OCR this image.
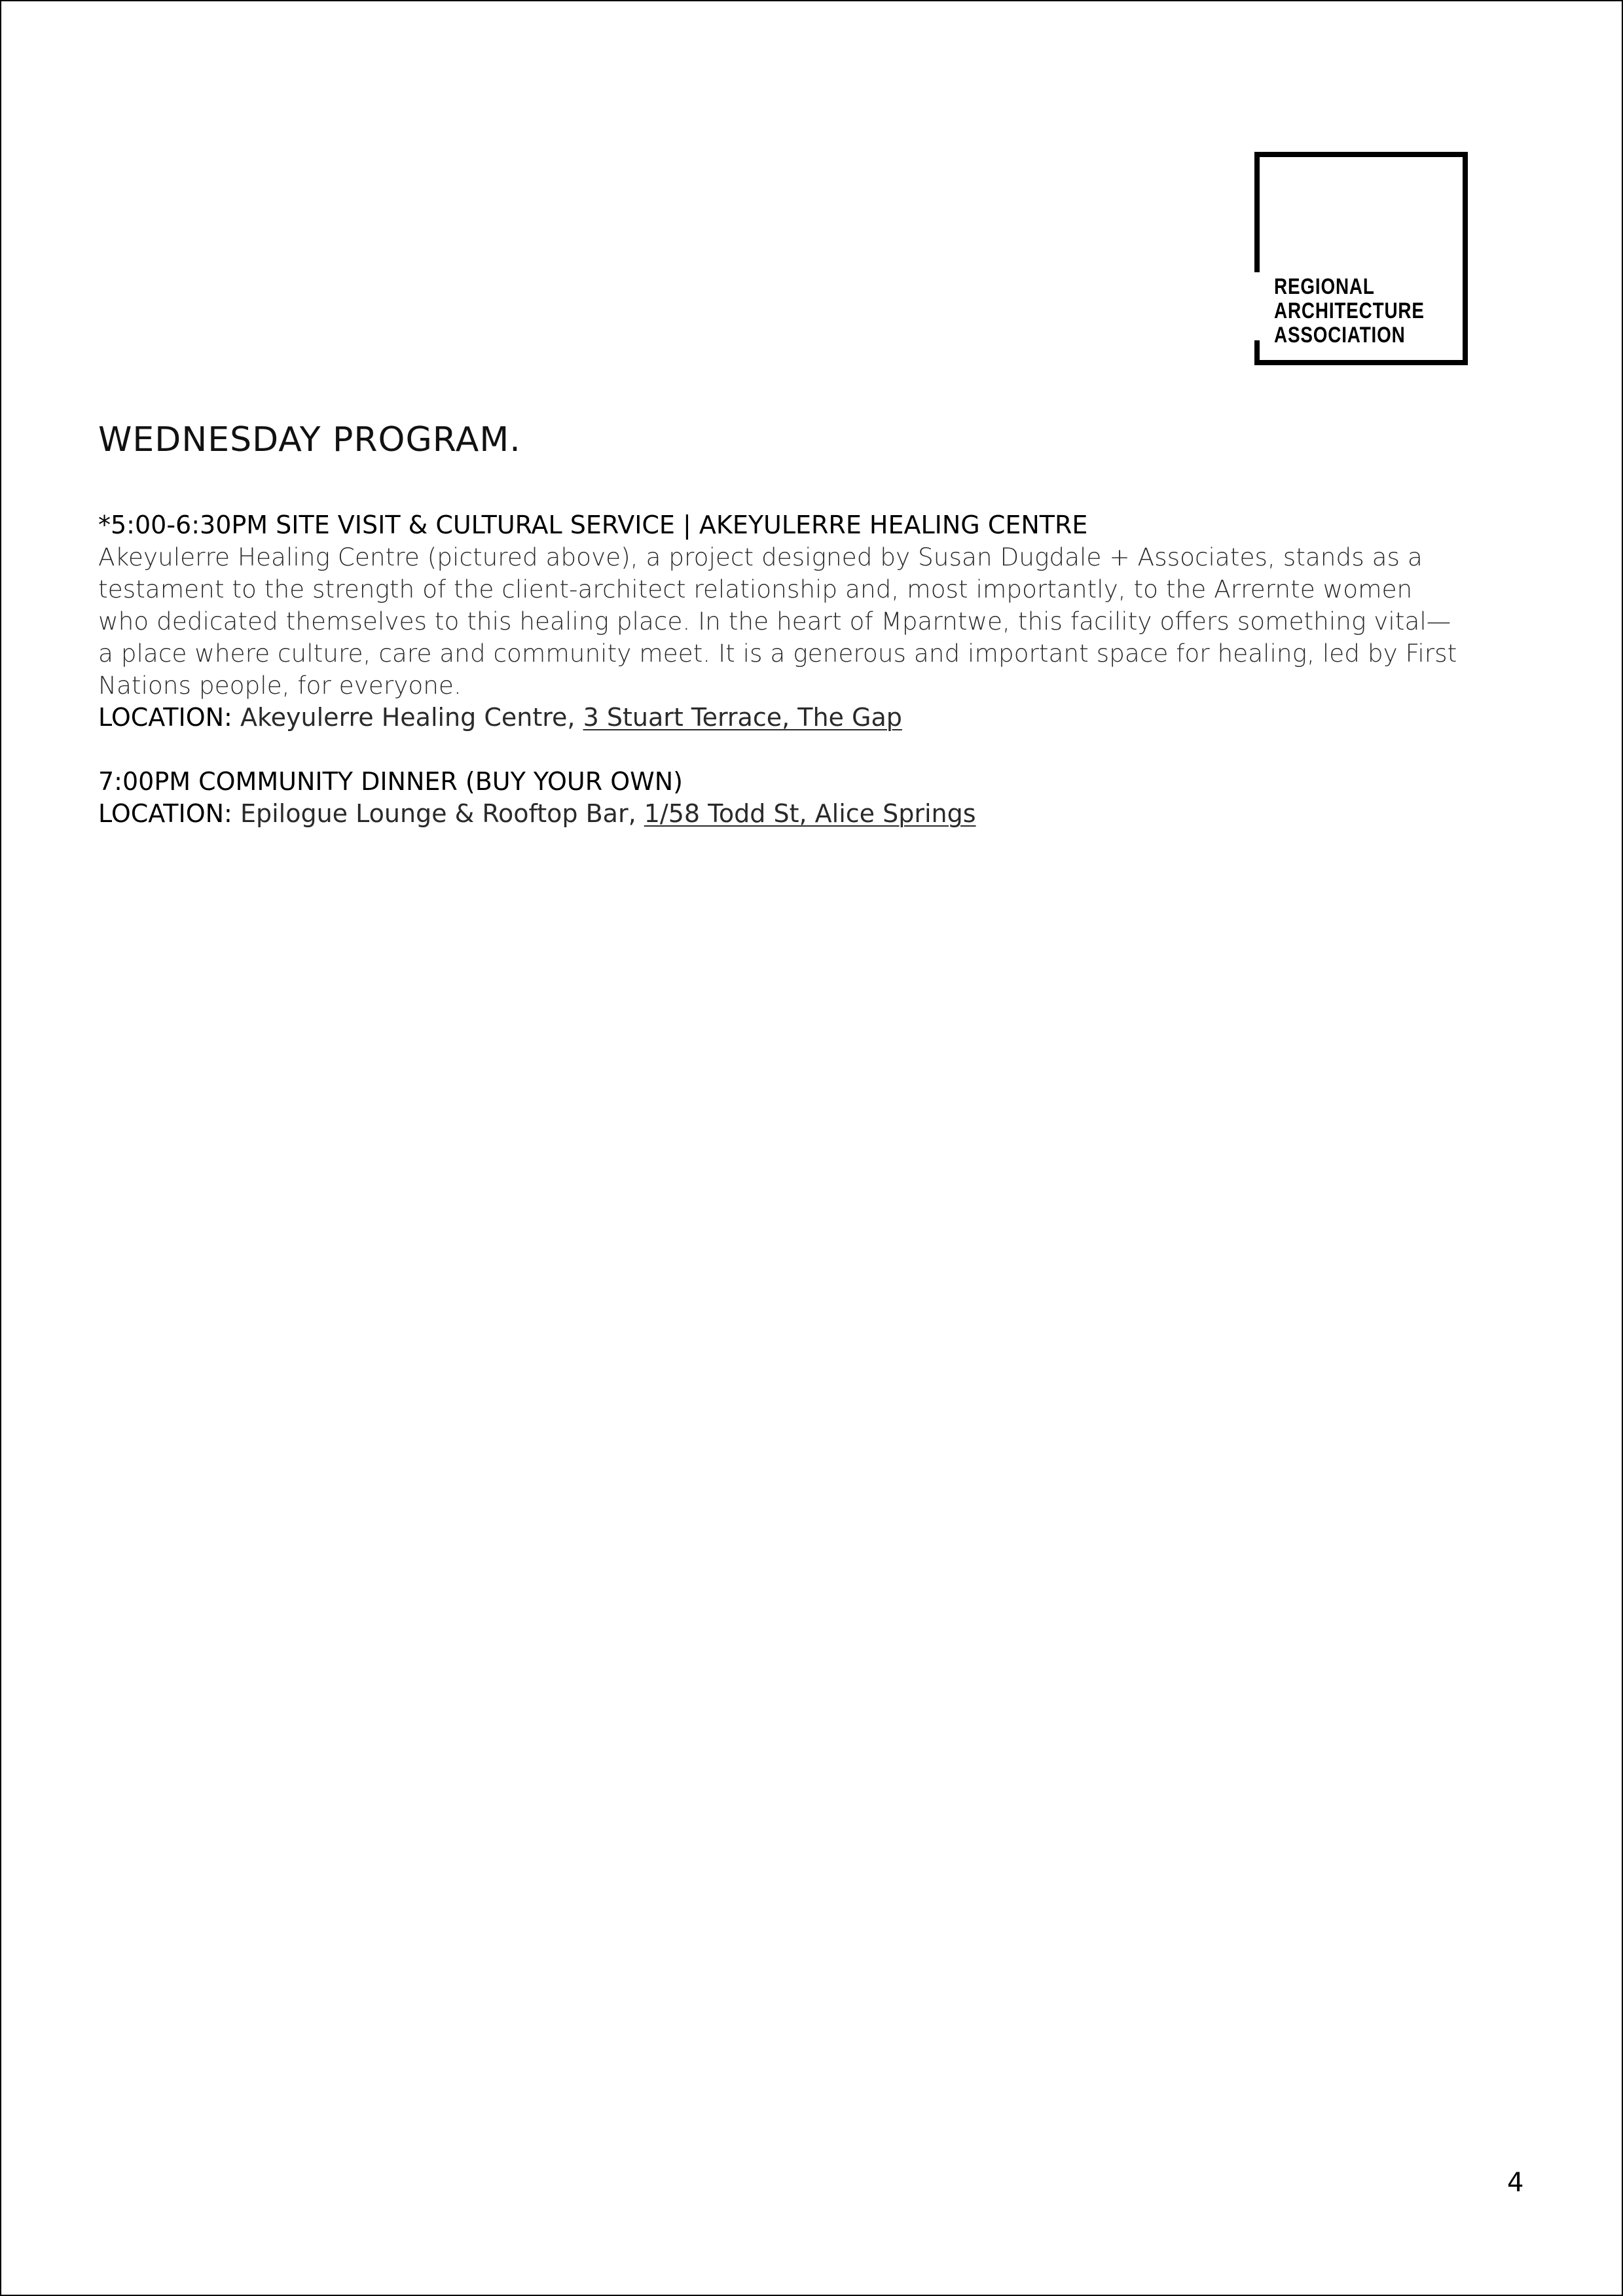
REGIONAL
ARCHITECTURE
ASSOCIATION
WEDNESDAY PROGRAM.
*5:00-6:30PM SITE VISIT & CULTURAL SERVICE | AKEYULERRE HEALING CENTRE
Akeyulerre Healing Centre (pictured above), a project designed by Susan Dugdale + Associates, stands as a
testament to the strength of the client-architect relationship and, most importantly, to the Arrernte women
who dedicated themselves to this healing place. In the heart of Mparntwe, this facility offers something vital—
a place where culture, care and community meet. It is a generous and important space for healing, led by First
Nations people, for everyone.
LOCATION: Akeyulerre Healing Centre, 3 Stuart Terrace, The Gap
7:00PM COMMUNITY DINNER (BUY YOUR OWN)
LOCATION: Epilogue Lounge & Rooftop Bar, 1/58 Todd St, Alice Springs
4
